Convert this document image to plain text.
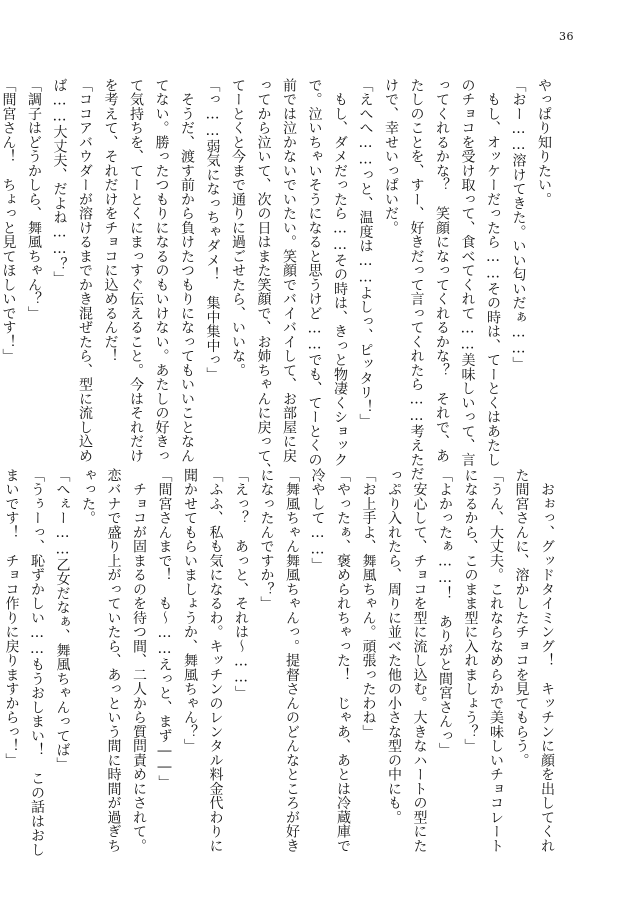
36
やっぱり知りたい。
「おー……溶けてきた。いい匂いだぁ……」
　もし、オッケーだったら……その時は、てーとくはあたし
のチョコを受け取って、食べてくれて……美味しいって、言
ってくれるかな？　笑顔になってくれるかな？　それで、あ
たしのことを、すー、好きだって言ってくれたら……考えただ
けで、幸せいっぱいだ。
「えへへ……っと、温度は……よしっ、ピッタリ！」
　もし、ダメだったら……その時は、きっと物凄くショック
で。泣いちゃいそうになると思うけど……でも、てーとくの
前では泣かないでいたい。笑顔でバイバイして、お部屋に戻
ってから泣いて、次の日はまた笑顔で、お姉ちゃんに戻って、
てーとくと今まで通りに過ごせたら、いいな。
「っ……弱気になっちゃダメ！　集中集中っ」
　そうだ、渡す前から負けたつもりになってもいいことなん
てない。勝ったつもりになるのもいけない。あたしの好きっ
て気持ちを、てーとくにまっすぐ伝えること。今はそれだけ
を考えて、それだけをチョコに込めるんだ！
「ココアバウダーが溶けるまでかき混ぜたら、型に流し込め
ば……大丈夫、だよね……？」
「調子はどうかしら、舞風ちゃん？」
「間宮さん！　ちょっと見てほしいです！」
　おぉっ、グッドタイミング！　キッチンに顔を出してくれ
た間宮さんに、溶かしたチョコを見てもらう。
「うん、大丈夫。これならなめらかで美味しいチョコレート
になるから、このまま型に入れましょう？」
「よかったぁ……！　ありがと間宮さんっ」
　安心して、チョコを型に流し込む。大きなハートの型にた
っぷり入れたら、周りに並べた他の小さな型の中にも。
「お上手よ、舞風ちゃん。頑張ったわね」
「やったぁ、褒められちゃった！　じゃあ、あとは冷蔵庫で
冷やして……」
「舞風ちゃん舞風ちゃんっ。提督さんのどんなところが好き
になったんですか？」
「えっ？　あっと、それは～……」
「ふふ、私も気になるわ。キッチンのレンタル料金代わりに
聞かせてもらいましょうか、舞風ちゃん？」
「間宮さんまで！　も～……えっと、まず――」
　チョコが固まるのを待つ間、二人から質問責めにされて。
恋バナで盛り上がっていたら、あっという間に時間が過ぎち
ゃった。
「へぇー……乙女だなぁ、舞風ちゃんってば」
「うぅーっ、恥ずかしい……もうおしまい！　この話はおし
まいです！　チョコ作りに戻りますからっ！」
